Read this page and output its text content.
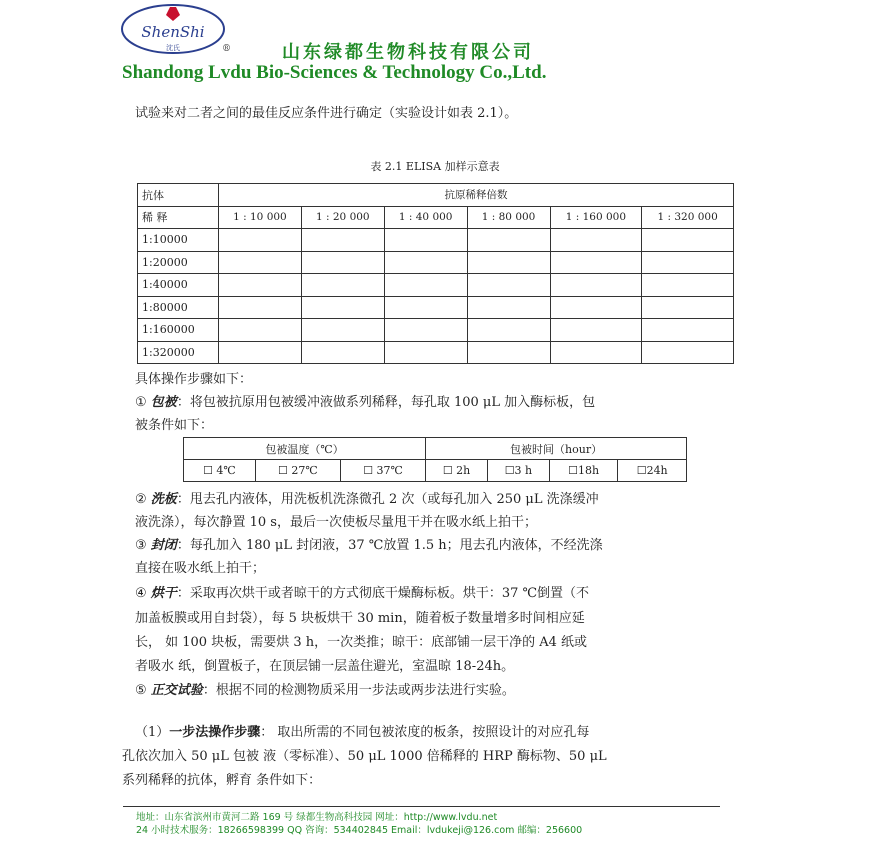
ShenShi
沈氏	®	山东绿都生物科技有限公司
Shandong Lvdu Bio-Sciences & Technology Co.,Ltd.
试验来对二者之间的最佳反应条件进行确定（实验设计如表 2.1）。
表 2.1 ELISA 加样示意表
抗体	抗原稀释倍数					
稀 释	1 : 10 000	1 : 20 000	1 : 40 000	1 : 80 000	1 : 160 000	1 : 320 000
1:10000						
1:20000						
1:40000						
1:80000						
1:160000						
1:320000						
具体操作步骤如下：
① 包被：将包被抗原用包被缓冲液做系列稀释，每孔取 100 μL 加入酶标板，包
被条件如下：
包被温度（℃）			包被时间（hour）			
☐ 4℃	☐ 27℃	☐ 37℃	☐ 2h	☐3 h	☐18h	☐24h
② 洗板：甩去孔内液体，用洗板机洗涤微孔 2 次（或每孔加入 250 μL 洗涤缓冲
液洗涤），每次静置 10 s，最后一次使板尽量甩干并在吸水纸上拍干；
③ 封闭：每孔加入 180 μL 封闭液，37 ℃放置 1.5 h；甩去孔内液体，不经洗涤
直接在吸水纸上拍干；
④ 烘干：采取再次烘干或者晾干的方式彻底干燥酶标板。烘干：37 ℃倒置（不
加盖板膜或用自封袋），每 5 块板烘干 30 min，随着板子数量增多时间相应延
长， 如 100 块板，需要烘 3 h，一次类推；晾干：底部铺一层干净的 A4 纸或
者吸水 纸，倒置板子，在顶层铺一层盖住避光，室温晾 18-24h。
⑤ 正交试验：根据不同的检测物质采用一步法或两步法进行实验。
（1）一步法操作步骤： 取出所需的不同包被浓度的板条，按照设计的对应孔每
孔依次加入 50 μL 包被 液（零标准）、50 μL 1000 倍稀释的 HRP 酶标物、50 μL
系列稀释的抗体，孵育 条件如下：
地址：山东省滨州市黄河二路 169 号 绿都生物高科技园 网址：http://www.lvdu.net
24 小时技术服务：18266598399 QQ 咨询：534402845 Email：lvdukeji@126.com 邮编：256600
